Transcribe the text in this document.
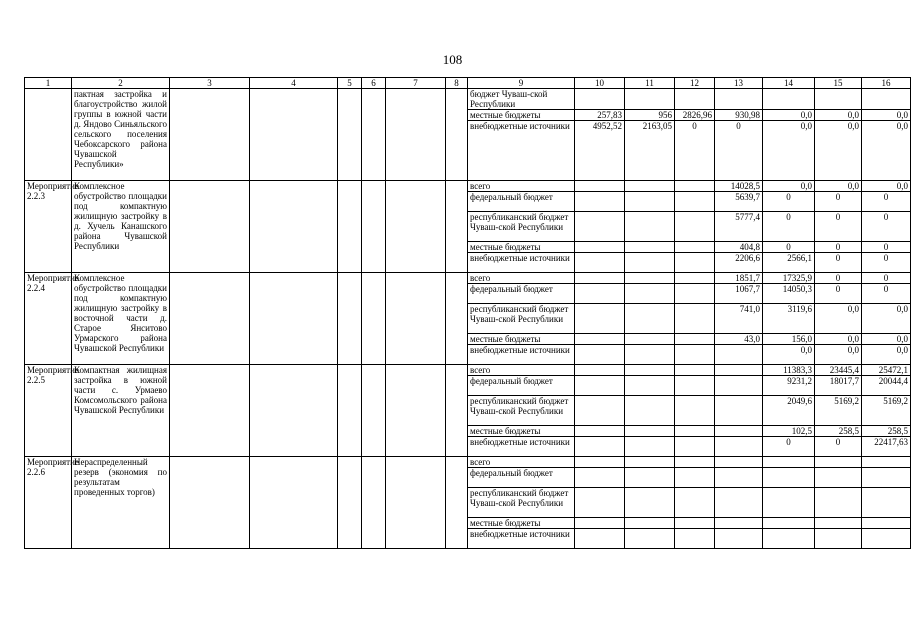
108
1	2	3	4	5	6	7	8	9	10	11	12	13	14	15	16
	пактная застройка и благоустройство жилой группы в южной части д. Яндово Синьяльского сельского поселения Чебоксарского района Чувашской Республики»							бюджет Чуваш-ской Республики							
								местные бюджеты	257,83	956	2826,96	930,98	0,0	0,0	0,0
								внебюджетные источники	4952,52	2163,05	0	0	0,0	0,0	0,0
Мероприятие 2.2.3	Комплексное обустройство площадки под компактную жилищную застройку в д. Хучель Канашского района Чувашской Республики							всего				14028,5	0,0	0,0	0,0
								федеральный бюджет				5639,7	0	0	0
								республиканский бюджет Чуваш-ской Республики				5777,4	0	0	0
								местные бюджеты				404,8	0	0	0
								внебюджетные источники				2206,6	2566,1	0	0
Мероприятие 2.2.4	Комплексное обустройство площадки под компактную жилищную застройку в восточной части д. Старое Янситово Урмарского района Чувашской Республики							всего				1851,7	17325,9	0	0
								федеральный бюджет				1067,7	14050,3	0	0
								республиканский бюджет Чуваш-ской Республики				741,0	3119,6	0,0	0,0
								местные бюджеты				43,0	156,0	0,0	0,0
								внебюджетные источники					0,0	0,0	0,0
Мероприятие 2.2.5	Компактная жилищная застройка в южной части с. Урмаево Комсомольского района Чувашской Республики							всего					11383,3	23445,4	25472,1
								федеральный бюджет					9231,2	18017,7	20044,4
								республиканский бюджет Чуваш-ской Республики					2049,6	5169,2	5169,2
								местные бюджеты					102,5	258,5	258,5
								внебюджетные источники					0	0	22417,63
Мероприятие 2.2.6	Нераспределенный резерв (экономия по результатам проведенных торгов)							всего							
								федеральный бюджет							
								республиканский бюджет Чуваш-ской Республики							
								местные бюджеты							
								внебюджетные источники							
